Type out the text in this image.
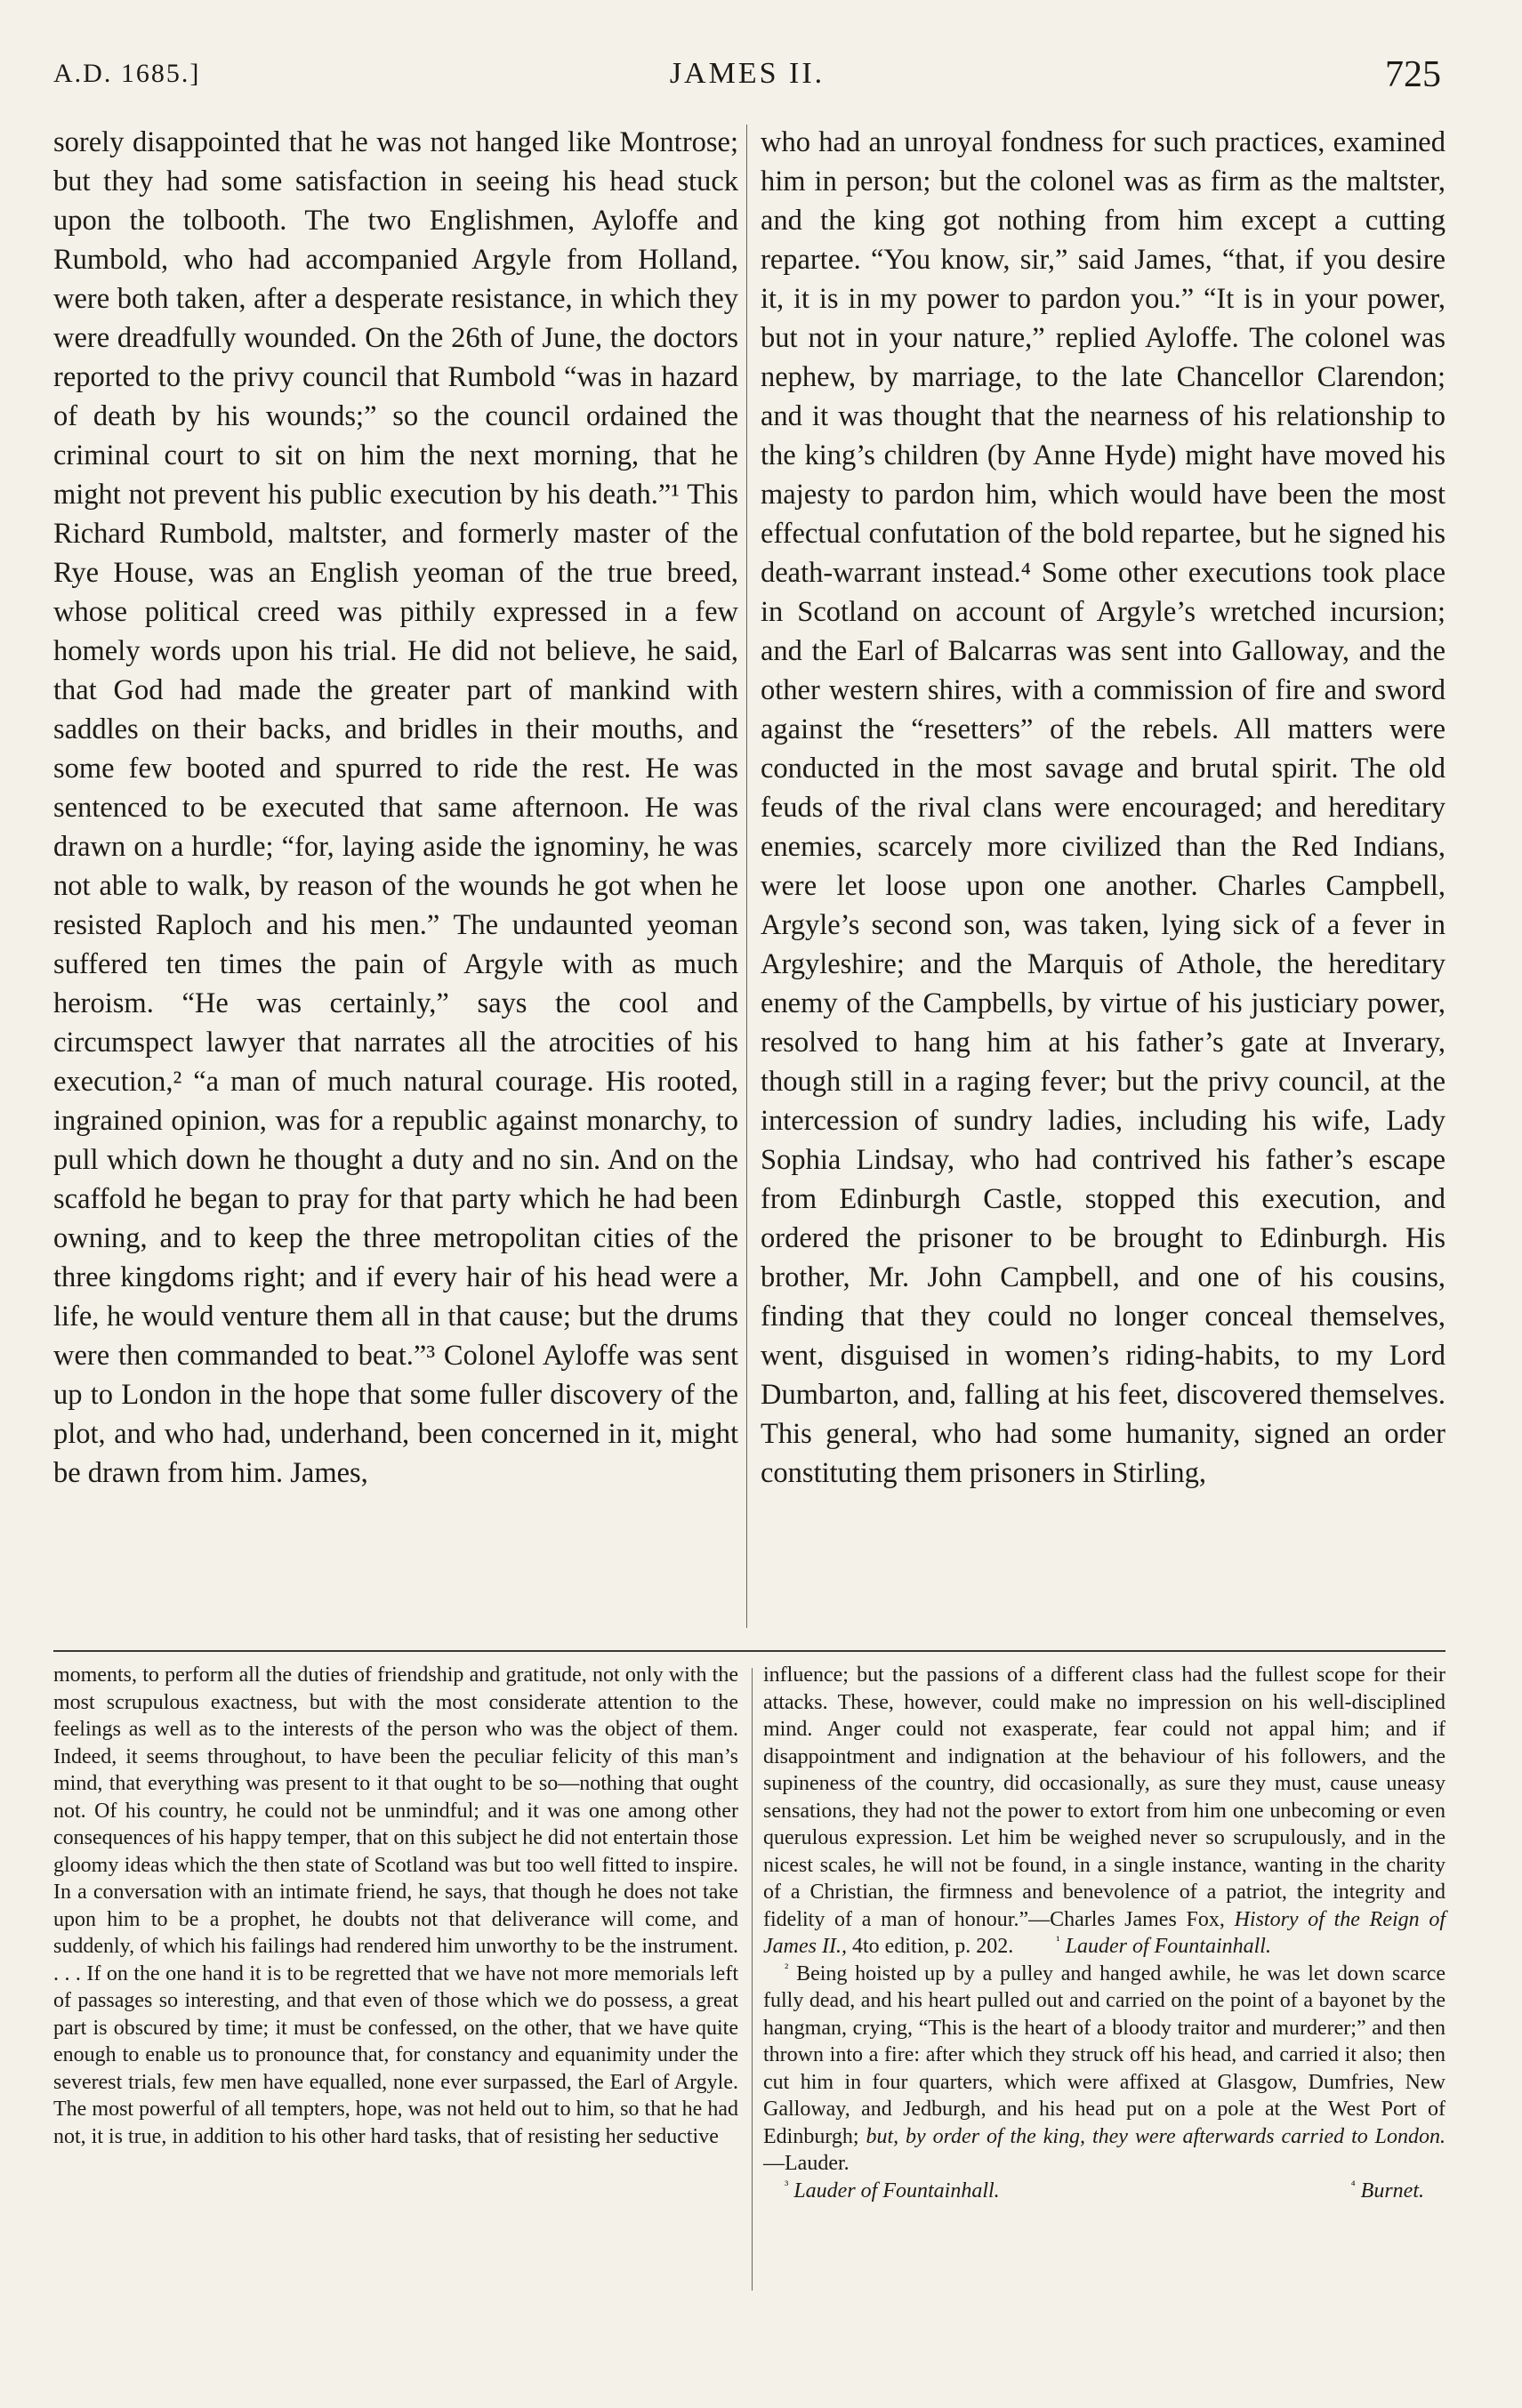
A.D. 1685.]	JAMES II.	725

sorely disappointed that he was not hanged like Montrose; but they had some satisfaction in seeing his head stuck upon the tolbooth. The two Englishmen, Ayloffe and Rumbold, who had accompanied Argyle from Holland, were both taken, after a desperate resistance, in which they were dreadfully wounded. On the 26th of June, the doctors reported to the privy council that Rumbold “was in hazard of death by his wounds;” so the council ordained the criminal court to sit on him the next morning, that he might not prevent his public execution by his death.”¹ This Richard Rumbold, maltster, and formerly master of the Rye House, was an English yeoman of the true breed, whose political creed was pithily expressed in a few homely words upon his trial. He did not believe, he said, that God had made the greater part of mankind with saddles on their backs, and bridles in their mouths, and some few booted and spurred to ride the rest. He was sentenced to be executed that same afternoon. He was drawn on a hurdle; “for, laying aside the ignominy, he was not able to walk, by reason of the wounds he got when he resisted Raploch and his men.” The undaunted yeoman suffered ten times the pain of Argyle with as much heroism. “He was certainly,” says the cool and circumspect lawyer that narrates all the atrocities of his execution,² “a man of much natural courage. His rooted, ingrained opinion, was for a republic against monarchy, to pull which down he thought a duty and no sin. And on the scaffold he began to pray for that party which he had been owning, and to keep the three metropolitan cities of the three kingdoms right; and if every hair of his head were a life, he would venture them all in that cause; but the drums were then commanded to beat.”³ Colonel Ayloffe was sent up to London in the hope that some fuller discovery of the plot, and who had, underhand, been concerned in it, might be drawn from him. James,

who had an unroyal fondness for such practices, examined him in person; but the colonel was as firm as the maltster, and the king got nothing from him except a cutting repartee. “You know, sir,” said James, “that, if you desire it, it is in my power to pardon you.” “It is in your power, but not in your nature,” replied Ayloffe. The colonel was nephew, by marriage, to the late Chancellor Clarendon; and it was thought that the nearness of his relationship to the king’s children (by Anne Hyde) might have moved his majesty to pardon him, which would have been the most effectual confutation of the bold repartee, but he signed his death-warrant instead.⁴ Some other executions took place in Scotland on account of Argyle’s wretched incursion; and the Earl of Balcarras was sent into Galloway, and the other western shires, with a commission of fire and sword against the “resetters” of the rebels. All matters were conducted in the most savage and brutal spirit. The old feuds of the rival clans were encouraged; and hereditary enemies, scarcely more civilized than the Red Indians, were let loose upon one another. Charles Campbell, Argyle’s second son, was taken, lying sick of a fever in Argyleshire; and the Marquis of Athole, the hereditary enemy of the Campbells, by virtue of his justiciary power, resolved to hang him at his father’s gate at Inverary, though still in a raging fever; but the privy council, at the intercession of sundry ladies, including his wife, Lady Sophia Lindsay, who had contrived his father’s escape from Edinburgh Castle, stopped this execution, and ordered the prisoner to be brought to Edinburgh. His brother, Mr. John Campbell, and one of his cousins, finding that they could no longer conceal themselves, went, disguised in women’s riding-habits, to my Lord Dumbarton, and, falling at his feet, discovered themselves. This general, who had some humanity, signed an order constituting them prisoners in Stirling,

moments, to perform all the duties of friendship and gratitude, not only with the most scrupulous exactness, but with the most considerate attention to the feelings as well as to the interests of the person who was the object of them. Indeed, it seems throughout, to have been the peculiar felicity of this man’s mind, that everything was present to it that ought to be so—nothing that ought not. Of his country, he could not be unmindful; and it was one among other consequences of his happy temper, that on this subject he did not entertain those gloomy ideas which the then state of Scotland was but too well fitted to inspire. In a conversation with an intimate friend, he says, that though he does not take upon him to be a prophet, he doubts not that deliverance will come, and suddenly, of which his failings had rendered him unworthy to be the instrument. . . . If on the one hand it is to be regretted that we have not more memorials left of passages so interesting, and that even of those which we do possess, a great part is obscured by time; it must be confessed, on the other, that we have quite enough to enable us to pronounce that, for constancy and equanimity under the severest trials, few men have equalled, none ever surpassed, the Earl of Argyle. The most powerful of all tempters, hope, was not held out to him, so that he had not, it is true, in addition to his other hard tasks, that of resisting her seductive

influence; but the passions of a different class had the fullest scope for their attacks. These, however, could make no impression on his well-disciplined mind. Anger could not exasperate, fear could not appal him; and if disappointment and indignation at the behaviour of his followers, and the supineness of the country, did occasionally, as sure they must, cause uneasy sensations, they had not the power to extort from him one unbecoming or even querulous expression. Let him be weighed never so scrupulously, and in the nicest scales, he will not be found, in a single instance, wanting in the charity of a Christian, the firmness and benevolence of a patriot, the integrity and fidelity of a man of honour.”—Charles James Fox, History of the Reign of James II., 4to edition, p. 202.  	$^{^1}$ Lauder of Fountainhall.

 $^{^2}$ Being hoisted up by a pulley and hanged awhile, he was let down scarce fully dead, and his heart pulled out and carried on the point of a bayonet by the hangman, crying, “This is the heart of a bloody traitor and murderer;” and then thrown into a fire: after which they struck off his head, and carried it also; then cut him in four quarters, which were affixed at Glasgow, Dumfries, New Galloway, and Jedburgh, and his head put on a pole at the West Port of Edinburgh; but, by order of the king, they were afterwards carried to London.—Lauder.

 $^{^3}$ Lauder of Fountainhall.	$^{^4}$ Burnet. 
